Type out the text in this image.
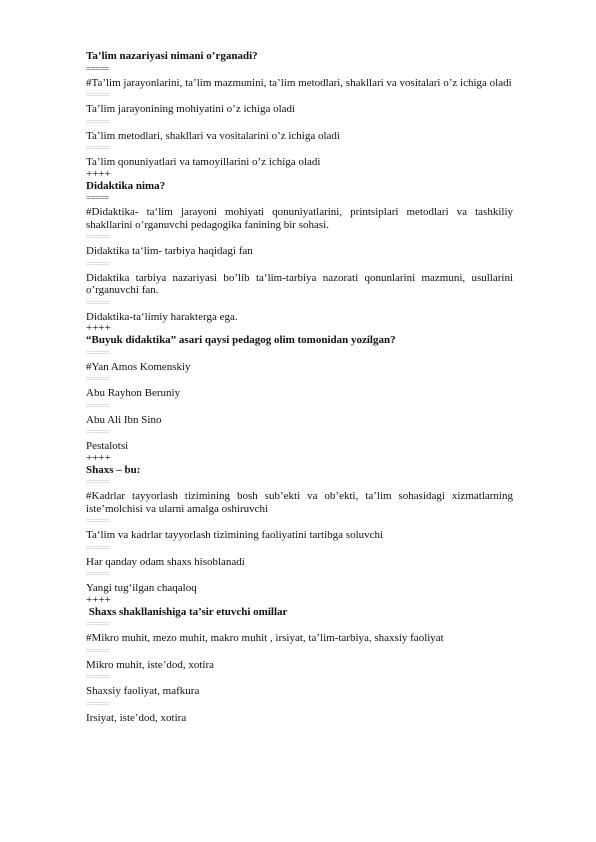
Ta’lim nazariyasi nimani o’rganadi?

=====

#Ta’lim jarayonlarini, ta’lim mazmunini, ta’lim metodlari, shakllari va vositalari o’z ichiga oladi

=====

Ta’lim jarayonining mohiyatini o’z ichiga oladi

=====

Ta’lim metodlari, shakllari va vositalarini o’z ichiga oladi

=====

Ta’lim qonuniyatlari va tamoyillarini o’z ichiga oladi

++++

Didaktika nima?

=====

#Didaktika- ta‘lim jarayoni mohiyati qonuniyatlarini, printsiplari metodlari va tashkiliy shakllarini o’rganuvchi pedagogika fanining bir sohasi.

=====

Didaktika ta‘lim- tarbiya haqidagi fan

=====

Didaktika tarbiya nazariyasi bo’lib ta‘lim-tarbiya nazorati qonunlarini mazmuni, usullarini o’rganuvchi fan.

=====

Didaktika-ta‘limiy harakterga ega.

++++

“Buyuk didaktika” asari qaysi pedagog olim tomonidan yozilgan?

=====

#Yan Amos Komenskiy

=====

Abu Rayhon Beruniy

=====

Abu Ali Ibn Sino

=====

Pestalotsi

++++

Shaxs – bu:

=====

#Kadrlar tayyorlash tizimining bosh sub’ekti va ob’ekti, ta’lim sohasidagi xizmatlarning iste’molchisi va ularni amalga oshiruvchi

=====

Ta‘lim va kadrlar tayyorlash tizimining faoliyatini tartibga soluvchi

=====

Har qanday odam shaxs hisoblanadi

=====

Yangi tug‘ilgan chaqaloq

++++

Shaxs shakllanishiga ta’sir etuvchi omillar

=====

#Mikro muhit, mezo muhit, makro muhit , irsiyat, ta’lim-tarbiya, shaxsiy faoliyat

=====

Mikro muhit, iste’dod, xotira

=====

Shaxsiy faoliyat, mafkura

=====

Irsiyat, iste’dod, xotira
